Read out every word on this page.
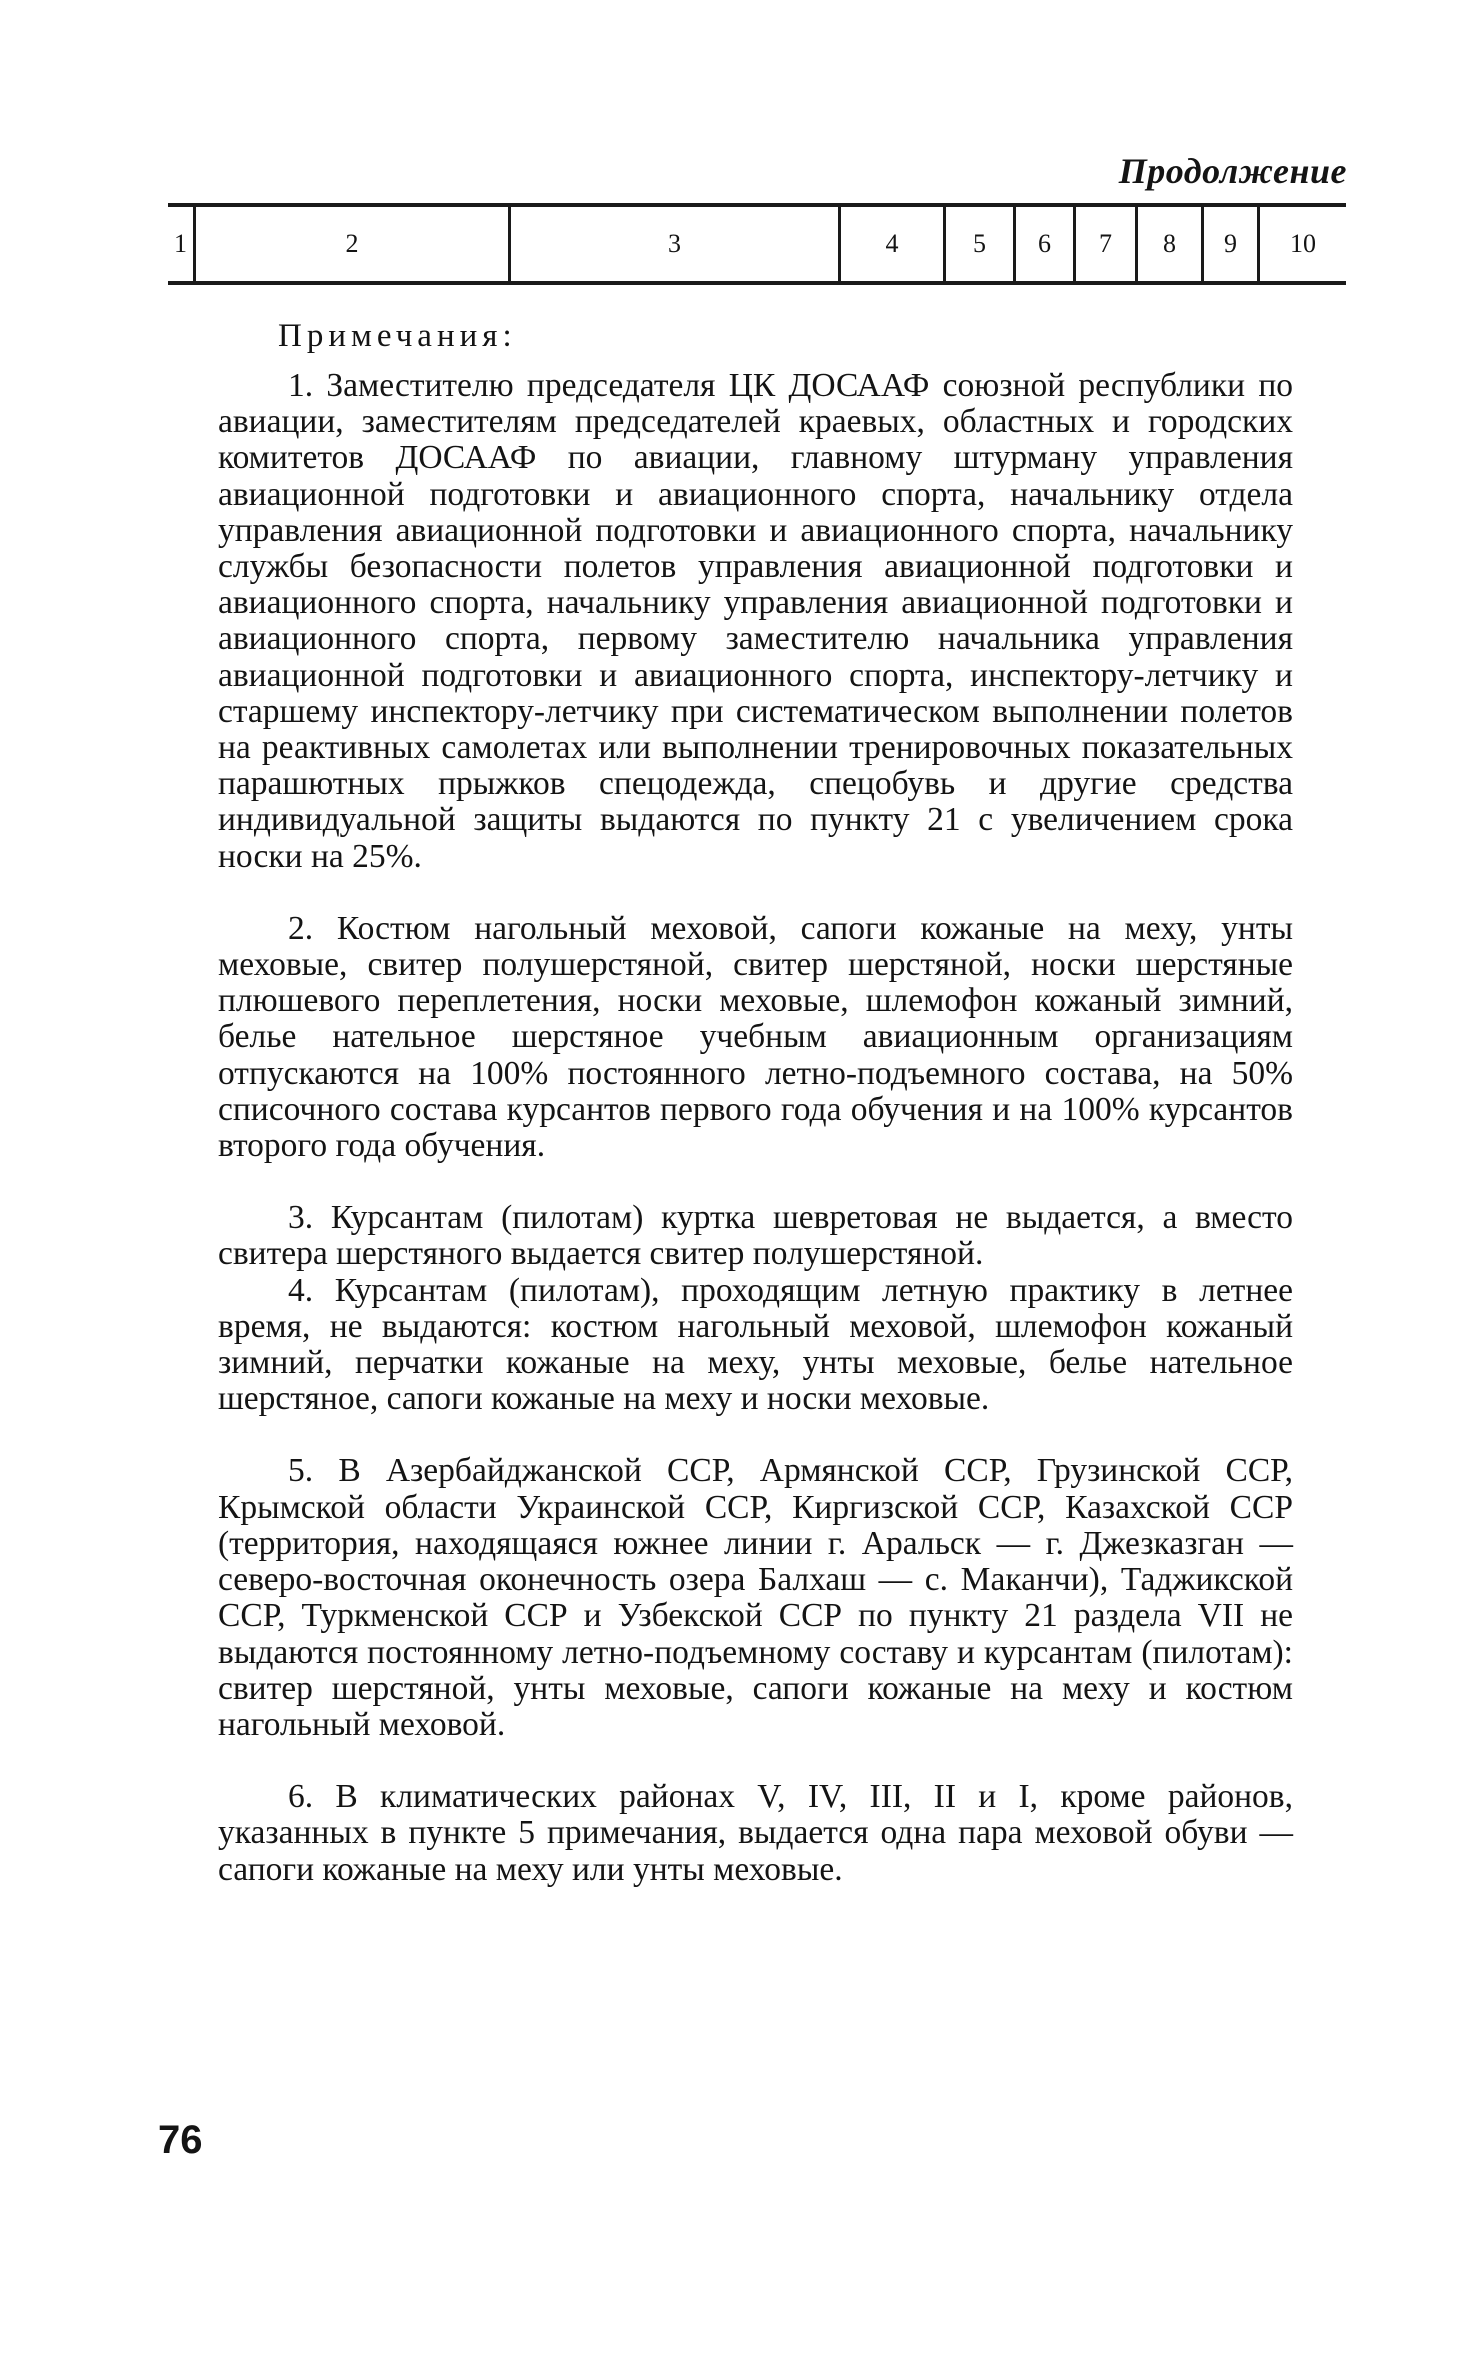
Продолжение
1	2	3	4	5	6	7	8	9	10
Примечания:

1. Заместителю председателя ЦК ДОСААФ союзной республики по авиации, заместителям председателей краевых, областных и городских комитетов ДОСААФ по авиации, главному штурману управления авиационной подготовки и авиационного спорта, начальнику отдела управления авиационной подготовки и авиационного спорта, начальнику службы безопасности полетов управления авиационной подготовки и авиационного спорта, начальнику управления авиационной подготовки и авиационного спорта, первому заместителю начальника управления авиационной подготовки и авиационного спорта, инспектору-летчику и старшему инспектору-летчику при систематическом выполнении полетов на реактивных самолетах или выполнении тренировочных показательных парашютных прыжков спецодежда, спецобувь и другие средства индивидуальной защиты выдаются по пункту 21 с увеличением срока носки на 25%.

2. Костюм нагольный меховой, сапоги кожаные на меху, унты меховые, свитер полушерстяной, свитер шерстяной, носки шерстяные плюшевого переплетения, носки меховые, шлемофон кожаный зимний, белье нательное шерстяное учебным авиационным организациям отпускаются на 100% постоянного летно-подъемного состава, на 50% списочного состава курсантов первого года обучения и на 100% курсантов второго года обучения.

3. Курсантам (пилотам) куртка шевретовая не выдается, а вместо свитера шерстяного выдается свитер полушерстяной.

4. Курсантам (пилотам), проходящим летную практику в летнее время, не выдаются: костюм нагольный меховой, шлемофон кожаный зимний, перчатки кожаные на меху, унты меховые, белье нательное шерстяное, сапоги кожаные на меху и носки меховые.

5. В Азербайджанской ССР, Армянской ССР, Грузинской ССР, Крымской области Украинской ССР, Киргизской ССР, Казахской ССР (территория, находящаяся южнее линии г. Аральск — г. Джезказган — северо-восточная оконечность озера Балхаш — с. Маканчи), Таджикской ССР, Туркменской ССР и Узбекской ССР по пункту 21 раздела VII не выдаются постоянному летно-подъемному составу и курсантам (пилотам): свитер шерстяной, унты меховые, сапоги кожаные на меху и костюм нагольный меховой.

6. В климатических районах V, IV, III, II и I, кроме районов, указанных в пункте 5 примечания, выдается одна пара меховой обуви — сапоги кожаные на меху или унты меховые.

76
